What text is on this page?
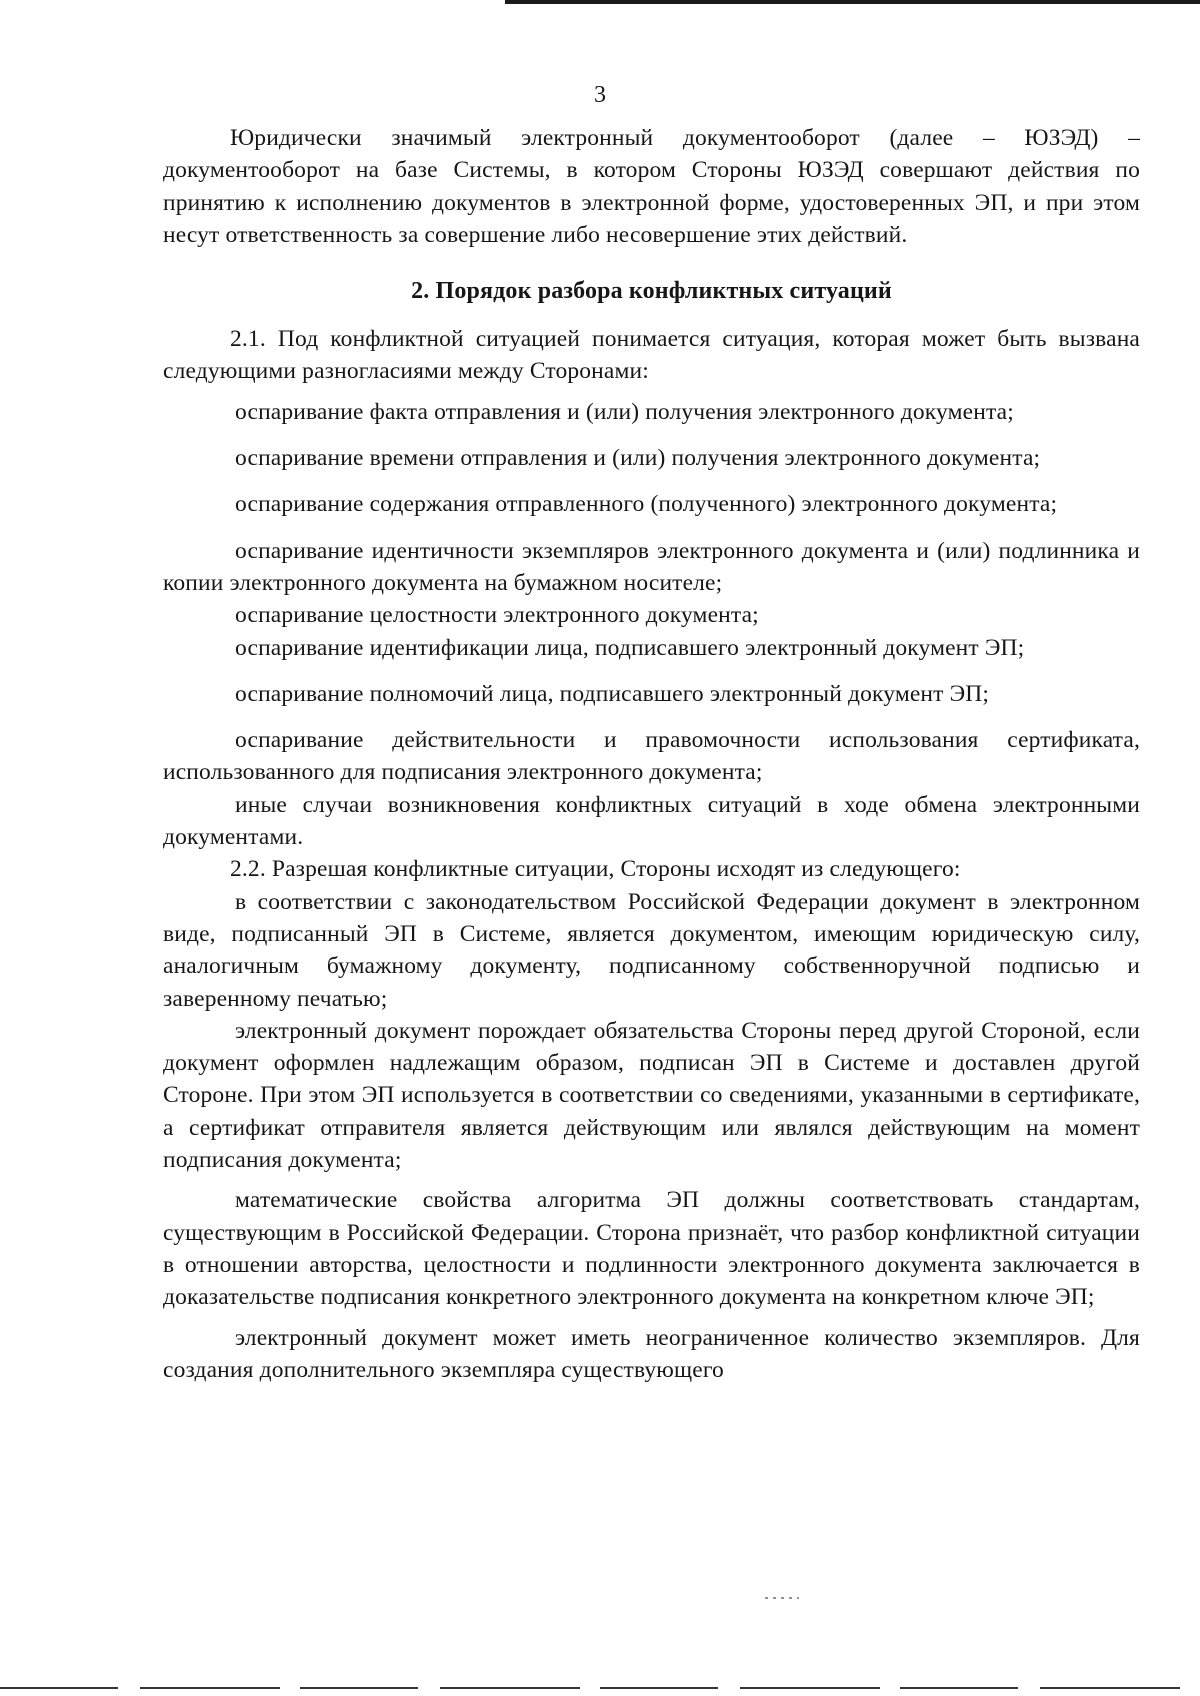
3

Юридически значимый электронный документооборот (далее – ЮЗЭД) – документооборот на базе Системы, в котором Стороны ЮЗЭД совершают действия по принятию к исполнению документов в электронной форме, удостоверенных ЭП, и при этом несут ответственность за совершение либо несовершение этих действий.

2. Порядок разбора конфликтных ситуаций

2.1. Под конфликтной ситуацией понимается ситуация, которая может быть вызвана следующими разногласиями между Сторонами:

оспаривание факта отправления и (или) получения электронного документа;

оспаривание времени отправления и (или) получения электронного документа;

оспаривание содержания отправленного (полученного) электронного документа;

оспаривание идентичности экземпляров электронного документа и (или) подлинника и копии электронного документа на бумажном носителе;

оспаривание целостности электронного документа;

оспаривание идентификации лица, подписавшего электронный документ ЭП;

оспаривание полномочий лица, подписавшего электронный документ ЭП;

оспаривание действительности и правомочности использования сертификата, использованного для подписания электронного документа;

иные случаи возникновения конфликтных ситуаций в ходе обмена электронными документами.

2.2. Разрешая конфликтные ситуации, Стороны исходят из следующего:

в соответствии с законодательством Российской Федерации документ в электронном виде, подписанный ЭП в Системе, является документом, имеющим юридическую силу, аналогичным бумажному документу, подписанному собственноручной подписью и заверенному печатью;

электронный документ порождает обязательства Стороны перед другой Стороной, если документ оформлен надлежащим образом, подписан ЭП в Системе и доставлен другой Стороне. При этом ЭП используется в соответствии со сведениями, указанными в сертификате, а сертификат отправителя является действующим или являлся действующим на момент подписания документа;

математические свойства алгоритма ЭП должны соответствовать стандартам, существующим в Российской Федерации. Сторона признаёт, что разбор конфликтной ситуации в отношении авторства, целостности и подлинности электронного документа заключается в доказательстве подписания конкретного электронного документа на конкретном ключе ЭП;

электронный документ может иметь неограниченное количество экземпляров. Для создания дополнительного экземпляра существующего
